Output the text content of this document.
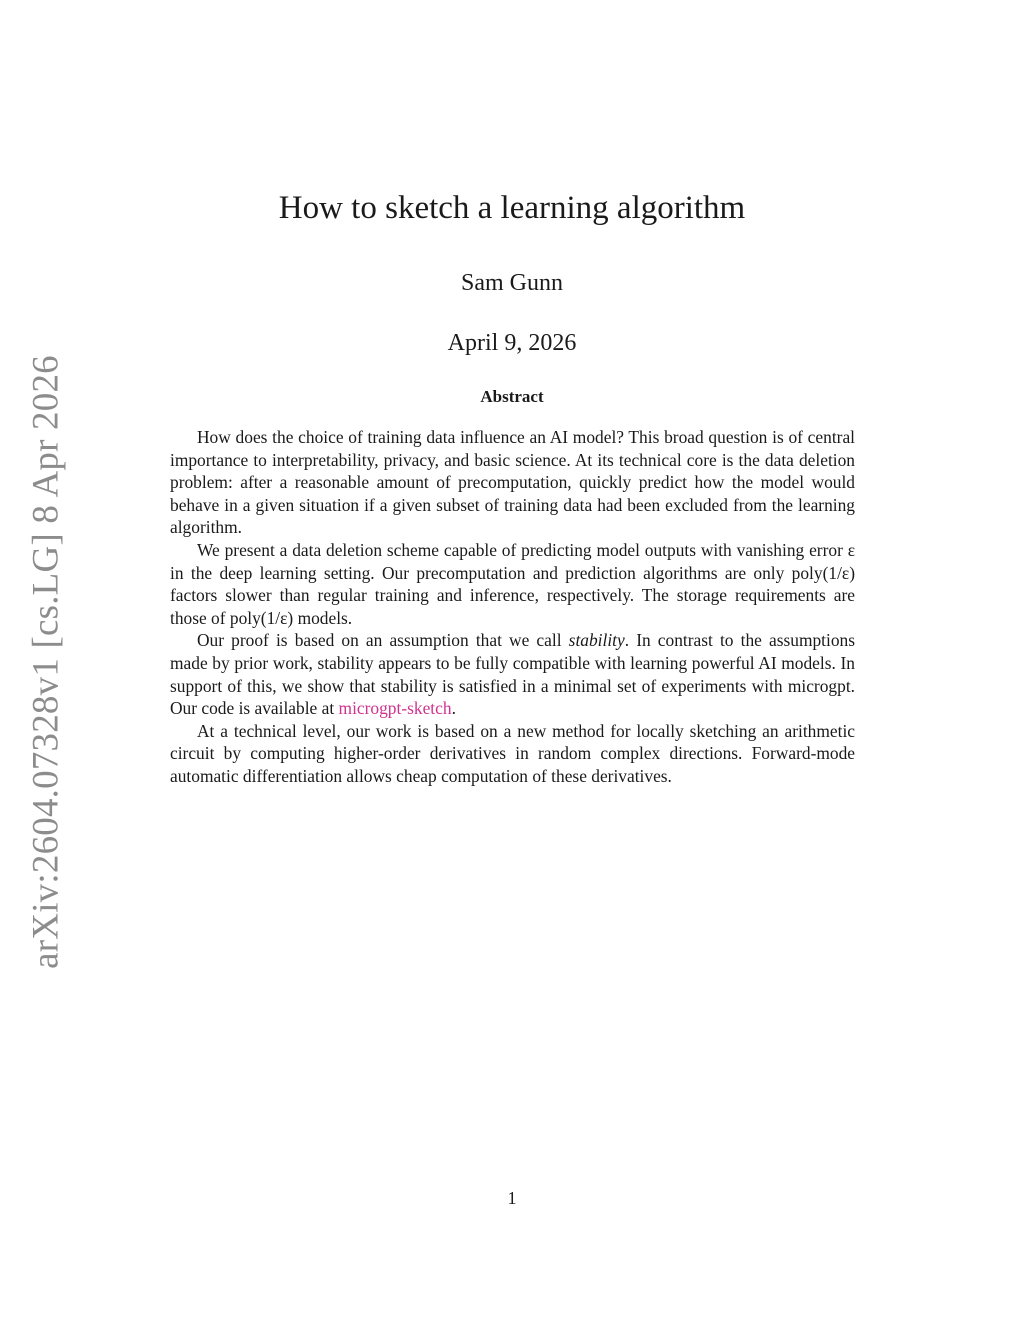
arXiv:2604.07328v1 [cs.LG] 8 Apr 2026
How to sketch a learning algorithm
Sam Gunn
April 9, 2026
Abstract

How does the choice of training data influence an AI model? This broad question is of central importance to interpretability, privacy, and basic science. At its technical core is the data deletion problem: after a reasonable amount of precomputation, quickly predict how the model would behave in a given situation if a given subset of training data had been excluded from the learning algorithm.

We present a data deletion scheme capable of predicting model outputs with vanishing error ε in the deep learning setting. Our precomputation and prediction algorithms are only poly(1/ε) factors slower than regular training and inference, respectively. The storage requirements are those of poly(1/ε) models.

Our proof is based on an assumption that we call stability. In contrast to the assumptions made by prior work, stability appears to be fully compatible with learning powerful AI models. In support of this, we show that stability is satisfied in a minimal set of experiments with microgpt. Our code is available at microgpt-sketch.

At a technical level, our work is based on a new method for locally sketching an arithmetic circuit by computing higher-order derivatives in random complex directions. Forward-mode automatic differentiation allows cheap computation of these derivatives.

1
